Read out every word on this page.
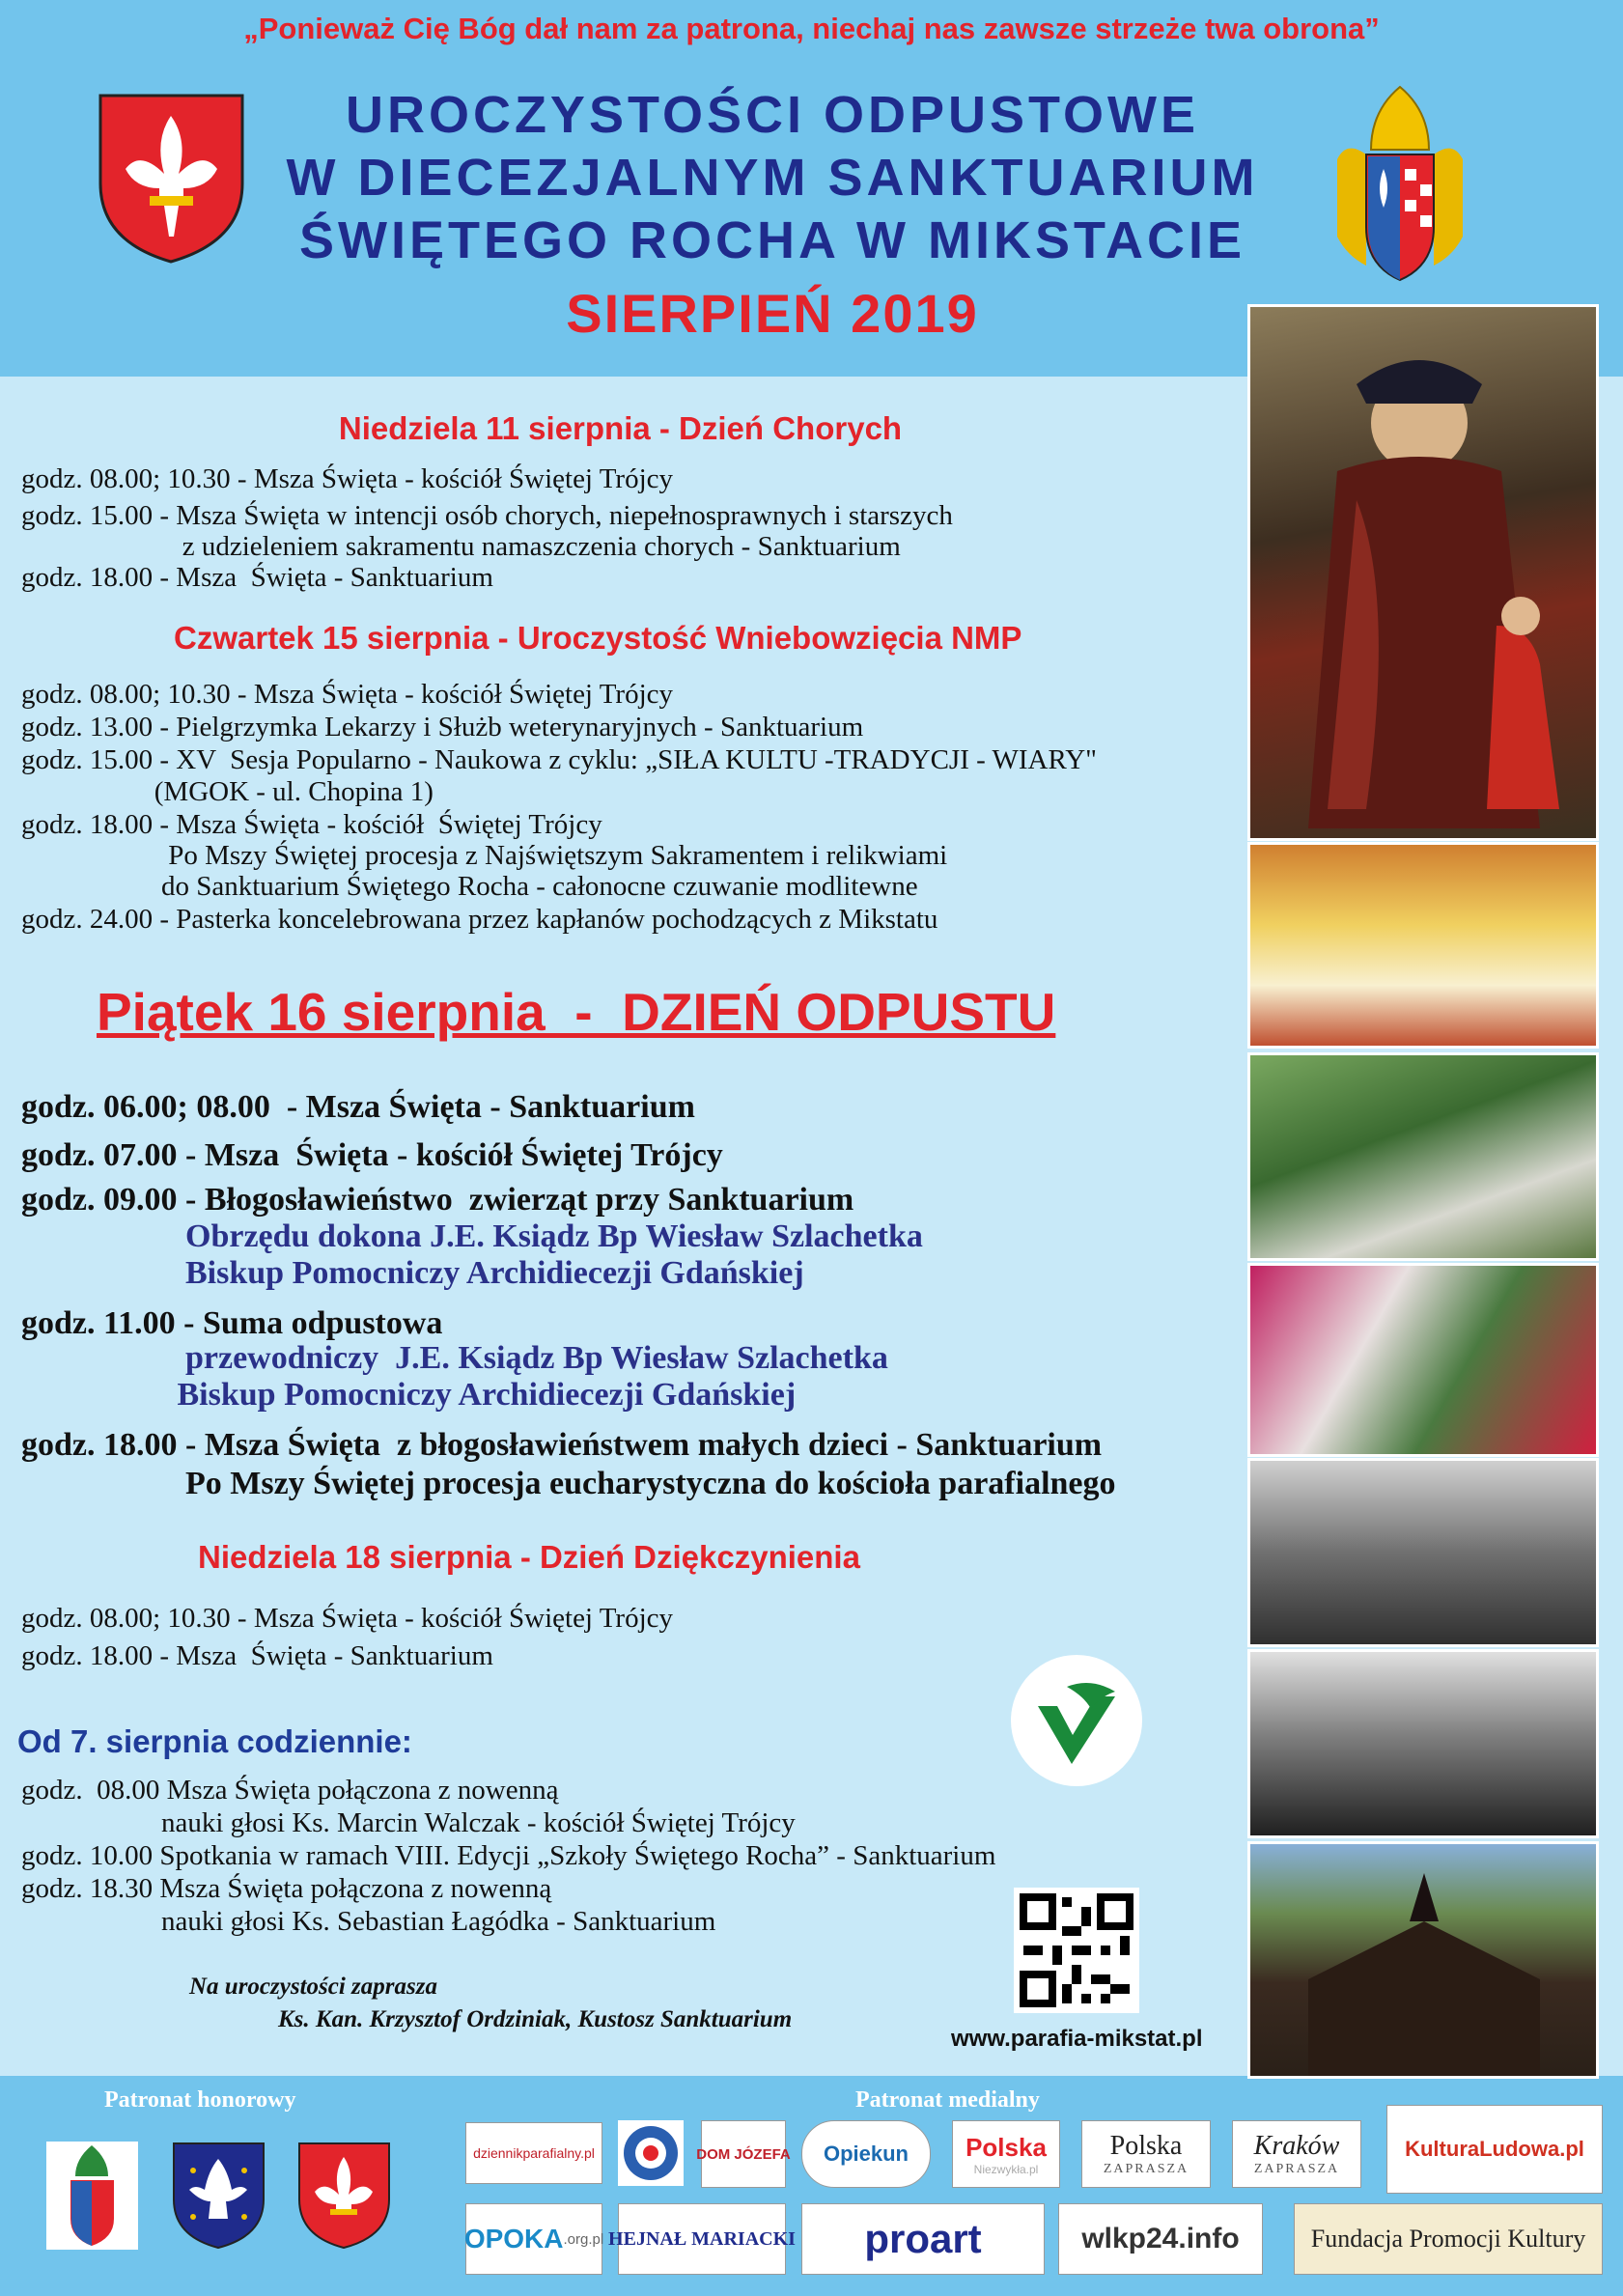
„Ponieważ Cię Bóg dał nam za patrona, niechaj nas zawsze strzeże twa obrona”
UROCZYSTOŚCI ODPUSTOWE
W DIECEZJALNYM SANKTUARIUM
ŚWIĘTEGO ROCHA W MIKSTACIE
SIERPIEŃ 2019
Niedziela 11 sierpnia - Dzień Chorych
godz. 08.00; 10.30 - Msza Święta - kościół Świętej Trójcy
godz. 15.00 - Msza Święta w intencji osób chorych, niepełnosprawnych i starszych
z udzieleniem sakramentu namaszczenia chorych - Sanktuarium
godz. 18.00 - Msza  Święta - Sanktuarium
Czwartek 15 sierpnia - Uroczystość Wniebowzięcia NMP
godz. 08.00; 10.30 - Msza Święta - kościół Świętej Trójcy
godz. 13.00 - Pielgrzymka Lekarzy i Służb weterynaryjnych - Sanktuarium
godz. 15.00 - XV  Sesja Popularno - Naukowa z cyklu: „SIŁA KULTU -TRADYCJI - WIARY"
(MGOK - ul. Chopina 1)
godz. 18.00 - Msza Święta - kościół  Świętej Trójcy
Po Mszy Świętej procesja z Najświętszym Sakramentem i relikwiami
do Sanktuarium Świętego Rocha - całonocne czuwanie modlitewne
godz. 24.00 - Pasterka koncelebrowana przez kapłanów pochodzących z Mikstatu
Piątek 16 sierpnia  -  DZIEŃ ODPUSTU
godz. 06.00; 08.00  - Msza Święta - Sanktuarium
godz. 07.00 - Msza  Święta - kościół Świętej Trójcy
godz. 09.00 - Błogosławieństwo  zwierząt przy Sanktuarium
Obrzędu dokona J.E. Ksiądz Bp Wiesław Szlachetka
Biskup Pomocniczy Archidiecezji Gdańskiej
godz. 11.00 - Suma odpustowa
przewodniczy  J.E. Ksiądz Bp Wiesław Szlachetka
Biskup Pomocniczy Archidiecezji Gdańskiej
godz. 18.00 - Msza Święta  z błogosławieństwem małych dzieci - Sanktuarium
Po Mszy Świętej procesja eucharystyczna do kościoła parafialnego
Niedziela 18 sierpnia - Dzień Dziękczynienia
godz. 08.00; 10.30 - Msza Święta - kościół Świętej Trójcy
godz. 18.00 - Msza  Święta - Sanktuarium
Od 7. sierpnia codziennie:
godz.  08.00 Msza Święta połączona z nowenną
nauki głosi Ks. Marcin Walczak - kościół Świętej Trójcy
godz. 10.00 Spotkania w ramach VIII. Edycji „Szkoły Świętego Rocha” - Sanktuarium
godz. 18.30 Msza Święta połączona z nowenną
nauki głosi Ks. Sebastian Łagódka - Sanktuarium
Na uroczystości zaprasza
Ks. Kan. Krzysztof Ordziniak, Kustosz Sanktuarium
www.parafia-mikstat.pl
Patronat honorowy	Patronat medialny
dziennikparafialny.pl	DOM JÓZEFA Opiekun Polska
Niezwykła.pl
Polska
ZAPRASZA
Kraków
ZAPRASZA
KulturaLudowa.pl
OPOKA .org.pl HEJNAŁ MARIACKI proart	wlkp24.info	Fundacja Promocji Kultury
